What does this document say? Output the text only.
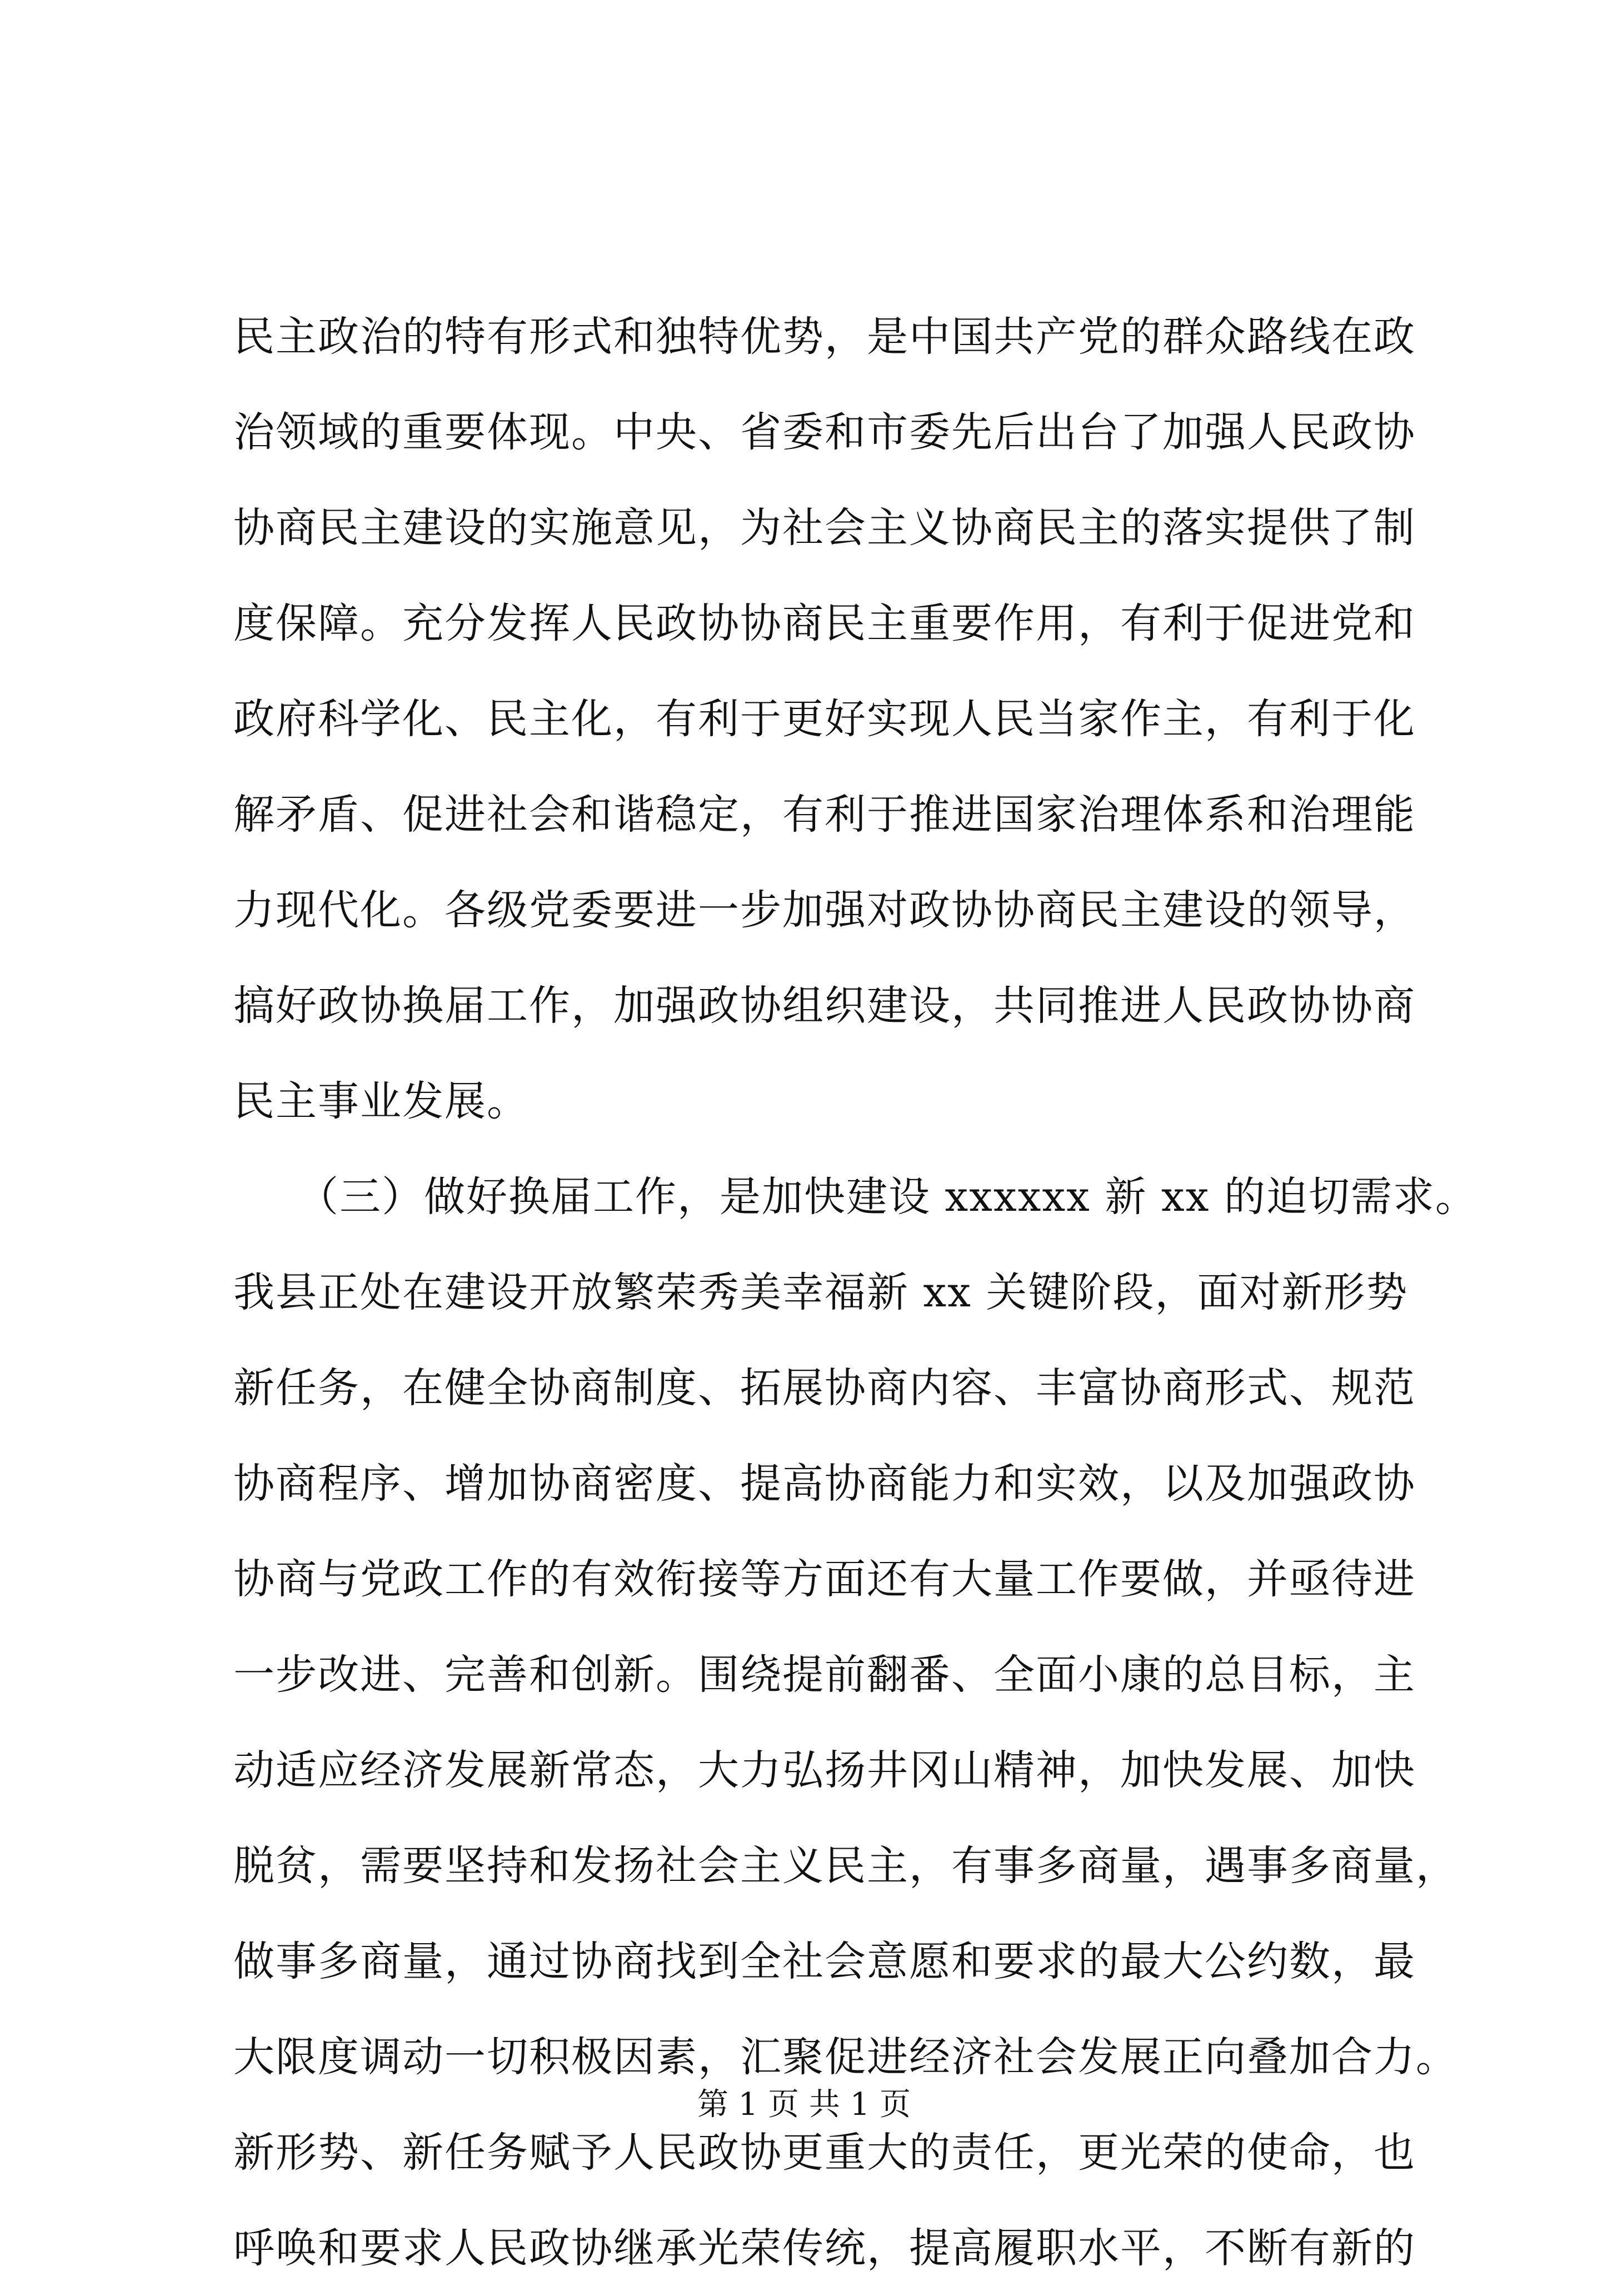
民主政治的特有形式和独特优势，是中国共产党的群众路线在政
治领域的重要体现。中央、省委和市委先后出台了加强人民政协
协商民主建设的实施意见，为社会主义协商民主的落实提供了制
度保障。充分发挥人民政协协商民主重要作用，有利于促进党和
政府科学化、民主化，有利于更好实现人民当家作主，有利于化
解矛盾、促进社会和谐稳定，有利于推进国家治理体系和治理能
力现代化。各级党委要进一步加强对政协协商民主建设的领导，
搞好政协换届工作，加强政协组织建设，共同推进人民政协协商
民主事业发展。
　　（三）做好换届工作，是加快建设 xxxxxx 新 xx 的迫切需求。
我县正处在建设开放繁荣秀美幸福新 xx 关键阶段，面对新形势
新任务，在健全协商制度、拓展协商内容、丰富协商形式、规范
协商程序、增加协商密度、提高协商能力和实效，以及加强政协
协商与党政工作的有效衔接等方面还有大量工作要做，并亟待进
一步改进、完善和创新。围绕提前翻番、全面小康的总目标，主
动适应经济发展新常态，大力弘扬井冈山精神，加快发展、加快
脱贫，需要坚持和发扬社会主义民主，有事多商量，遇事多商量，
做事多商量，通过协商找到全社会意愿和要求的最大公约数，最
大限度调动一切积极因素，汇聚促进经济社会发展正向叠加合力。
新形势、新任务赋予人民政协更重大的责任，更光荣的使命，也
呼唤和要求人民政协继承光荣传统，提高履职水平，不断有新的
第 1 页 共 1 页
